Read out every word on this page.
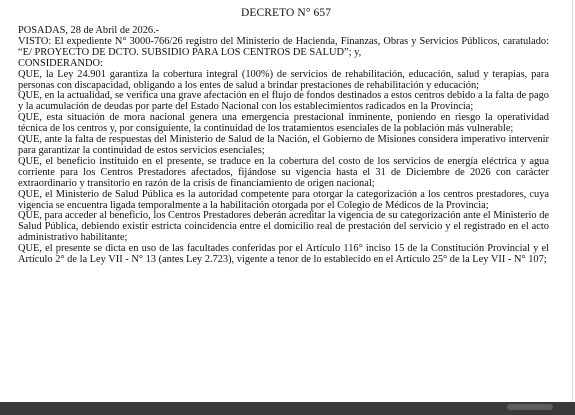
DECRETO N° 657

POSADAS, 28 de Abril de 2026.-

VISTO: El expediente N° 3000-766/26 registro del Ministerio de Hacienda, Finanzas, Obras y Servicios Públicos, caratulado: “E/ PROYECTO DE DCTO. SUBSIDIO PARA LOS CENTROS DE SALUD”; y,

CONSIDERANDO:

QUE, la Ley 24.901 garantiza la cobertura integral (100%) de servicios de rehabilitación, educación, salud y terapias, para personas con discapacidad, obligando a los entes de salud a brindar prestaciones de rehabilitación y educación;

QUE, en la actualidad, se verifica una grave afectación en el flujo de fondos destinados a estos centros debido a la falta de pago y la acumulación de deudas por parte del Estado Nacional con los establecimientos radicados en la Provincia;

QUE, esta situación de mora nacional genera una emergencia prestacional inminente, poniendo en riesgo la operatividad técnica de los centros y, por consiguiente, la continuidad de los tratamientos esenciales de la población más vulnerable;

QUE, ante la falta de respuestas del Ministerio de Salud de la Nación, el Gobierno de Misiones considera imperativo intervenir para garantizar la continuidad de estos servicios esenciales;

QUE, el beneficio instituido en el presente, se traduce en la cobertura del costo de los servicios de energía eléctrica y agua corriente para los Centros Prestadores afectados, fijándose su vigencia hasta el 31 de Diciembre de 2026 con carácter extraordinario y transitorio en razón de la crisis de financiamiento de origen nacional;

QUE, el Ministerio de Salud Pública es la autoridad competente para otorgar la categorización a los centros prestadores, cuya vigencia se encuentra ligada temporalmente a la habilitación otorgada por el Colegio de Médicos de la Provincia;

QUE, para acceder al beneficio, los Centros Prestadores deberán acreditar la vigencia de su categorización ante el Ministerio de Salud Pública, debiendo existir estricta coincidencia entre el domicilio real de prestación del servicio y el registrado en el acto administrativo habilitante;

QUE, el presente se dicta en uso de las facultades conferidas por el Artículo 116° inciso 15 de la Constitución Provincial y el Artículo 2° de la Ley VII - N° 13 (antes Ley 2.723), vigente a tenor de lo establecido en el Artículo 25° de la Ley VII - N° 107;
